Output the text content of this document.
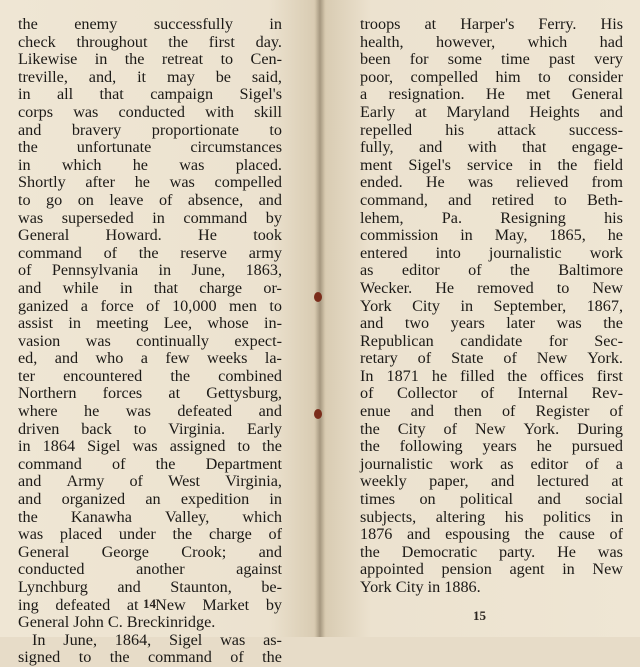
the enemy successfully in
check throughout the first day.
Likewise in the retreat to Cen-
treville, and, it may be said,
in all that campaign Sigel's
corps was conducted with skill
and bravery proportionate to
the unfortunate circumstances
in which he was placed.
Shortly after he was compelled
to go on leave of absence, and
was superseded in command by
General Howard. He took
command of the reserve army
of Pennsylvania in June, 1863,
and while in that charge or-
ganized a force of 10,000 men to
assist in meeting Lee, whose in-
vasion was continually expect-
ed, and who a few weeks la-
ter encountered the combined
Northern forces at Gettysburg,
where he was defeated and
driven back to Virginia. Early
in 1864 Sigel was assigned to the
command of the Department
and Army of West Virginia,
and organized an expedition in
the Kanawha Valley, which
was placed under the charge of
General George Crook; and
conducted	another	against
Lynchburg and Staunton, be-
ing defeated at New Market by
General John C. Breckinridge.
In June, 1864, Sigel was as-
signed to the command of the
14
troops at Harper's Ferry. His
health, however, which had
been for some time past very
poor, compelled him to consider
a resignation. He met General
Early at Maryland Heights and
repelled his attack success-
fully, and with that engage-
ment Sigel's service in the field
ended. He was relieved from
command, and retired to Beth-
lehem, Pa. Resigning his
commission in May, 1865, he
entered into journalistic work
as editor of the Baltimore
Wecker. He removed to New
York City in September, 1867,
and two years later was the
Republican candidate for Sec-
retary of State of New York.
In 1871 he filled the offices first
of Collector of Internal Rev-
enue and then of Register of
the City of New York. During
the following years he pursued
journalistic work as editor of a
weekly paper, and lectured at
times on political and social
subjects, altering his politics in
1876 and espousing the cause of
the Democratic party. He was
appointed pension agent in New
York City in 1886.
15
